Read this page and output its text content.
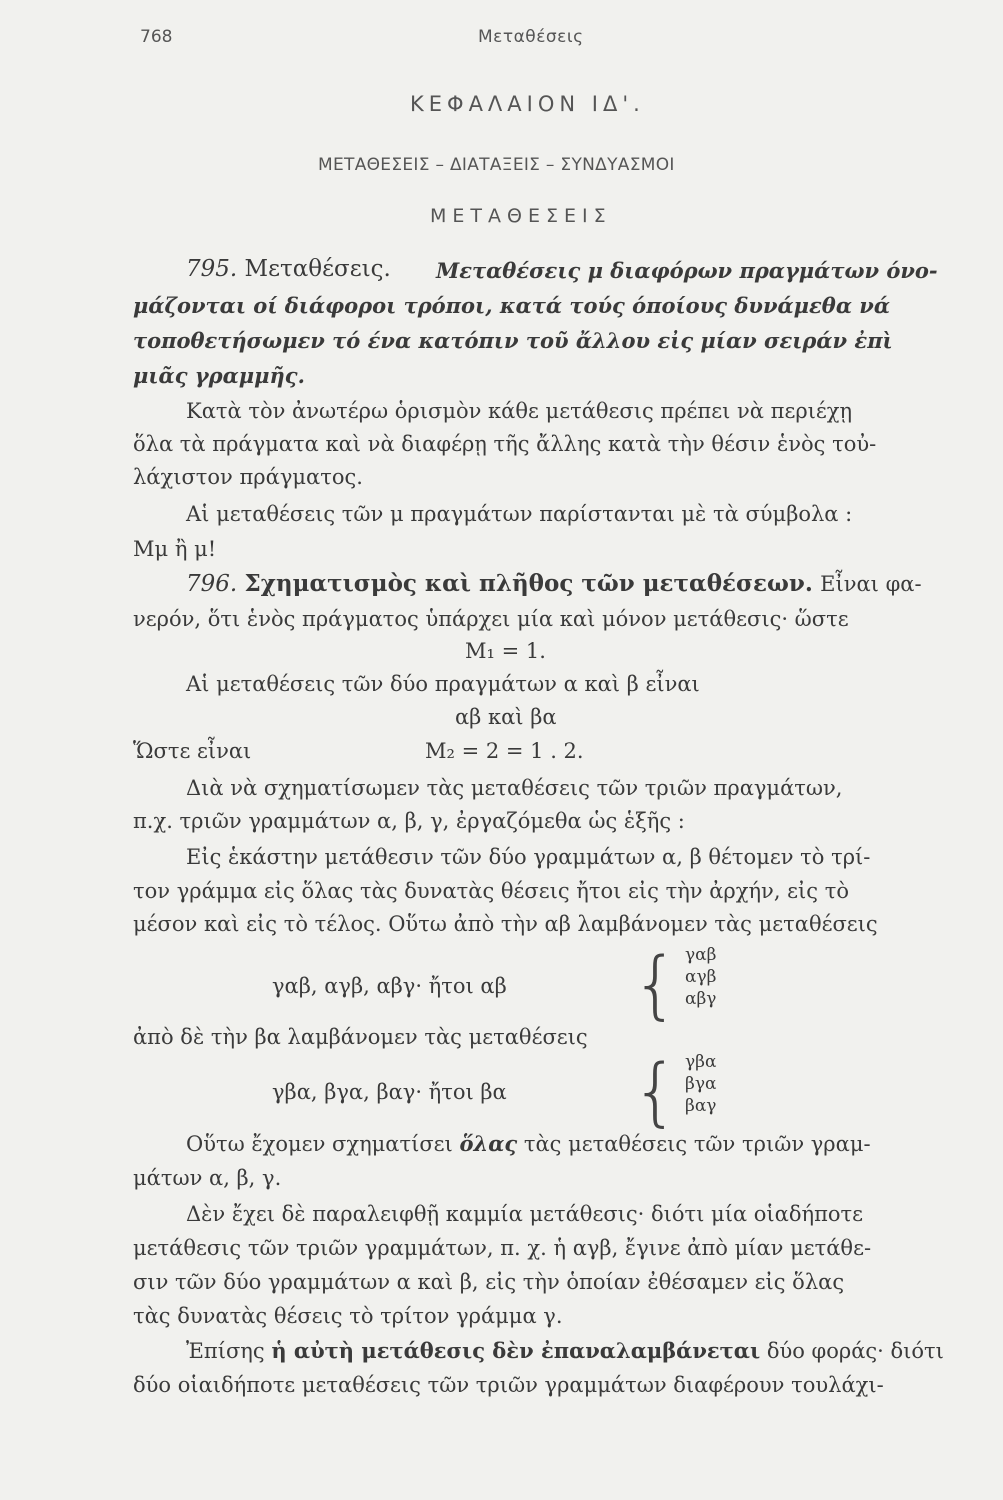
768	Μεταθέσεις
ΚΕΦΑΛΑΙΟΝ ΙΔ'.
ΜΕΤΑΘΕΣΕΙΣ – ΔΙΑΤΑΞΕΙΣ – ΣΥΝΔΥΑΣΜΟΙ
ΜΕΤΑΘΕΣΕΙΣ
795. Μεταθέσεις. Μεταθέσεις μ διαφόρων πραγμάτων όνο-
μάζονται οί διάφοροι τρόποι, κατά τούς όποίους δυνάμεθα νά
τοποθετήσωμεν τό ένα κατόπιν τοῦ ἄλλου εἰς μίαν σειράν ἐπὶ
μιᾶς γραμμῆς.
Κατὰ τὸν ἀνωτέρω ὁρισμὸν κάθε μετάθεσις πρέπει νὰ περιέχῃ
ὅλα τὰ πράγματα καὶ νὰ διαφέρῃ τῆς ἄλλης κατὰ τὴν θέσιν ἑνὸς τοὐ-
λάχιστον πράγματος.
Αἱ μεταθέσεις τῶν μ πραγμάτων παρίστανται μὲ τὰ σύμβολα :
Μμ ἢ μ!
796. Σχηματισμὸς καὶ πλῆθος τῶν μεταθέσεων. Εἶναι φα-
νερόν, ὅτι ἑνὸς πράγματος ὑπάρχει μία καὶ μόνον μετάθεσις· ὥστε
Μ₁ = 1.
Αἱ μεταθέσεις τῶν δύο πραγμάτων α καὶ β εἶναι
αβ καὶ βα
Ὥστε εἶναι	Μ₂ = 2 = 1 . 2.
Διὰ νὰ σχηματίσωμεν τὰς μεταθέσεις τῶν τριῶν πραγμάτων,
π.χ. τριῶν γραμμάτων α, β, γ, ἐργαζόμεθα ὡς ἑξῆς :
Εἰς ἑκάστην μετάθεσιν τῶν δύο γραμμάτων α, β θέτομεν τὸ τρί-
τον γράμμα εἰς ὅλας τὰς δυνατὰς θέσεις ἤτοι εἰς τὴν ἀρχήν, εἰς τὸ
μέσον καὶ εἰς τὸ τέλος. Οὕτω ἀπὸ τὴν αβ λαμβάνομεν τὰς μεταθέσεις
γαβ, αγβ, αβγ· ἤτοι αβ { γαβ
αγβ
αβγ
ἀπὸ δὲ τὴν βα λαμβάνομεν τὰς μεταθέσεις
γβα, βγα, βαγ· ἤτοι βα { γβα
βγα
βαγ
Οὕτω ἔχομεν σχηματίσει ὅλας τὰς μεταθέσεις τῶν τριῶν γραμ-
μάτων α, β, γ.
Δὲν ἔχει δὲ παραλειφθῇ καμμία μετάθεσις· διότι μία οἱαδήποτε
μετάθεσις τῶν τριῶν γραμμάτων, π. χ. ἡ αγβ, ἔγινε ἀπὸ μίαν μετάθε-
σιν τῶν δύο γραμμάτων α καὶ β, εἰς τὴν ὁποίαν ἐθέσαμεν εἰς ὅλας
τὰς δυνατὰς θέσεις τὸ τρίτον γράμμα γ.
Ἐπίσης ἡ αὐτὴ μετάθεσις δὲν ἐπαναλαμβάνεται δύο φοράς· διότι
δύο οἱαιδήποτε μεταθέσεις τῶν τριῶν γραμμάτων διαφέρουν τουλάχι-
